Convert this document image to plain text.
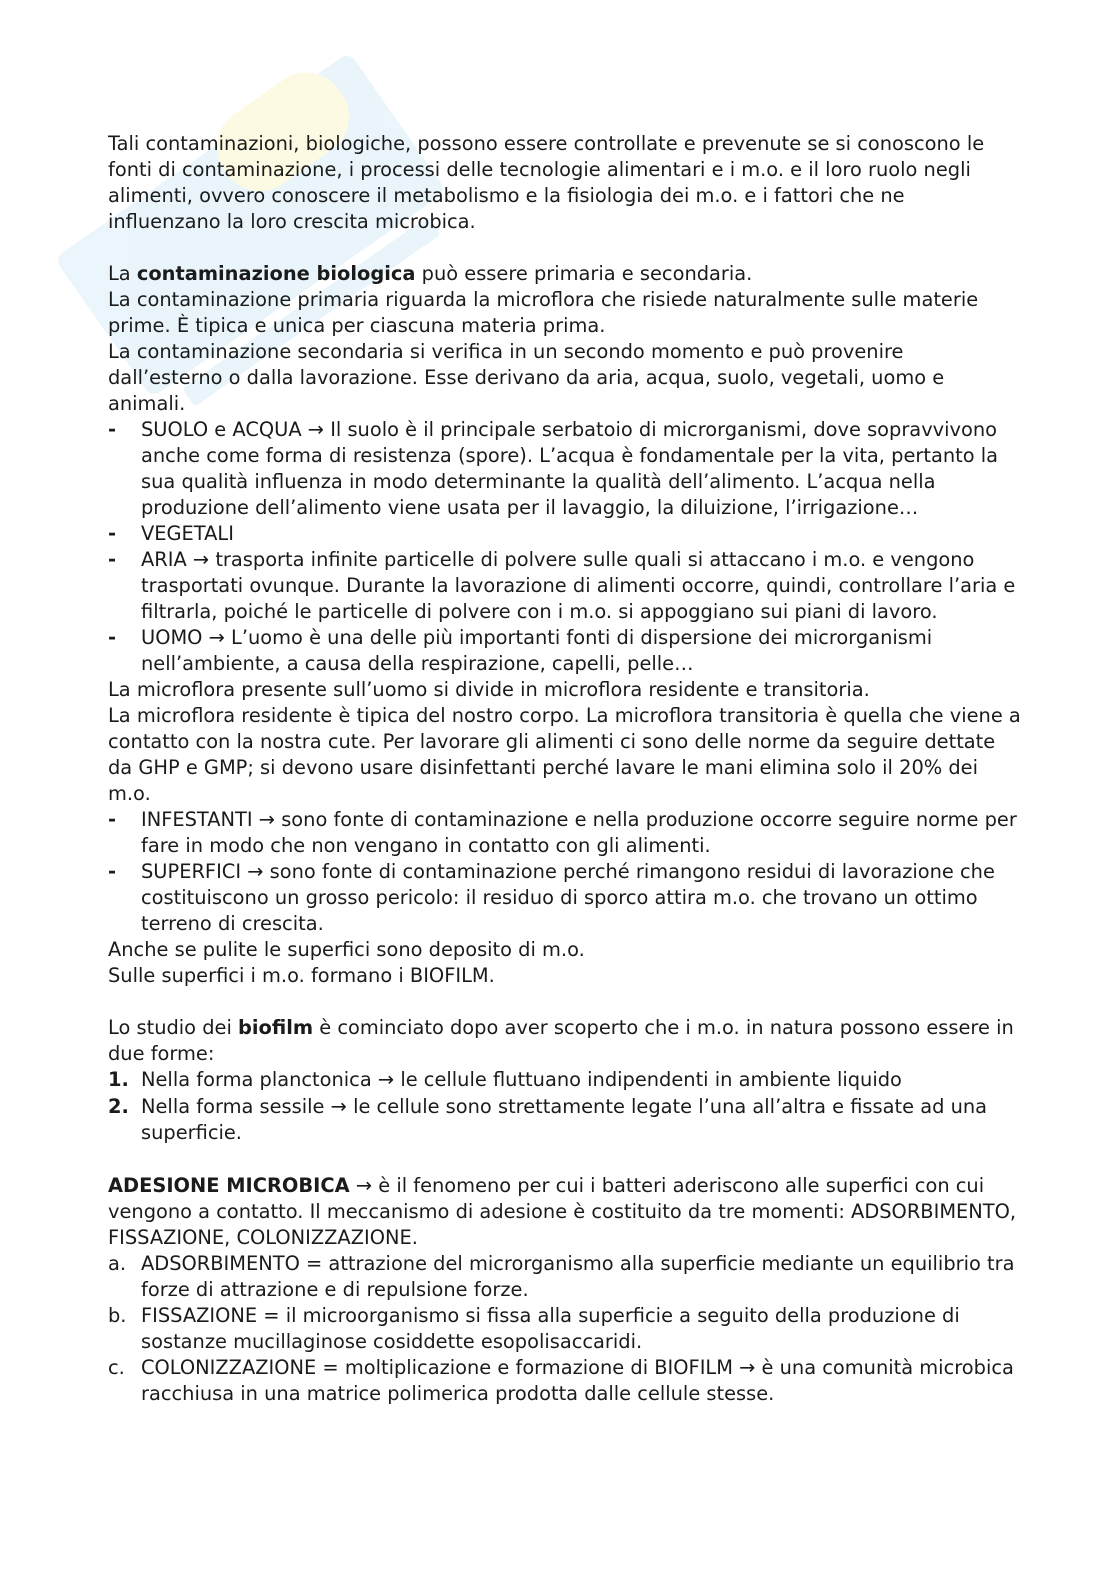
Tali contaminazioni, biologiche, possono essere controllate e prevenute se si conoscono le fonti di contaminazione, i processi delle tecnologie alimentari e i m.o. e il loro ruolo negli alimenti, ovvero conoscere il metabolismo e la fisiologia dei m.o. e i fattori che ne influenzano la loro crescita microbica.

La contaminazione biologica può essere primaria e secondaria.

La contaminazione primaria riguarda la microflora che risiede naturalmente sulle materie prime. È tipica e unica per ciascuna materia prima.

La contaminazione secondaria si verifica in un secondo momento e può provenire dall’esterno o dalla lavorazione. Esse derivano da aria, acqua, suolo, vegetali, uomo e animali.

- SUOLO e ACQUA → Il suolo è il principale serbatoio di microrganismi, dove sopravvivono anche come forma di resistenza (spore). L’acqua è fondamentale per la vita, pertanto la sua qualità influenza in modo determinante la qualità dell’alimento. L’acqua nella produzione dell’alimento viene usata per il lavaggio, la diluizione, l’irrigazione…
- VEGETALI
- ARIA → trasporta infinite particelle di polvere sulle quali si attaccano i m.o. e vengono trasportati ovunque. Durante la lavorazione di alimenti occorre, quindi, controllare l’aria e filtrarla, poiché le particelle di polvere con i m.o. si appoggiano sui piani di lavoro.
- UOMO → L’uomo è una delle più importanti fonti di dispersione dei microrganismi nell’ambiente, a causa della respirazione, capelli, pelle…

La microflora presente sull’uomo si divide in microflora residente e transitoria.

La microflora residente è tipica del nostro corpo. La microflora transitoria è quella che viene a contatto con la nostra cute. Per lavorare gli alimenti ci sono delle norme da seguire dettate da GHP e GMP; si devono usare disinfettanti perché lavare le mani elimina solo il 20% dei m.o.

- INFESTANTI → sono fonte di contaminazione e nella produzione occorre seguire norme per fare in modo che non vengano in contatto con gli alimenti.
- SUPERFICI → sono fonte di contaminazione perché rimangono residui di lavorazione che costituiscono un grosso pericolo: il residuo di sporco attira m.o. che trovano un ottimo terreno di crescita.

Anche se pulite le superfici sono deposito di m.o.

Sulle superfici i m.o. formano i BIOFILM.

Lo studio dei biofilm è cominciato dopo aver scoperto che i m.o. in natura possono essere in due forme:

1. Nella forma planctonica → le cellule fluttuano indipendenti in ambiente liquido
2. Nella forma sessile → le cellule sono strettamente legate l’una all’altra e fissate ad una superficie.

ADESIONE MICROBICA → è il fenomeno per cui i batteri aderiscono alle superfici con cui vengono a contatto. Il meccanismo di adesione è costituito da tre momenti: ADSORBIMENTO, FISSAZIONE, COLONIZZAZIONE.

a. ADSORBIMENTO = attrazione del microrganismo alla superficie mediante un equilibrio tra forze di attrazione e di repulsione forze.
b. FISSAZIONE = il microorganismo si fissa alla superficie a seguito della produzione di sostanze mucillaginose cosiddette esopolisaccaridi.
c. COLONIZZAZIONE = moltiplicazione e formazione di BIOFILM → è una comunità microbica racchiusa in una matrice polimerica prodotta dalle cellule stesse.
